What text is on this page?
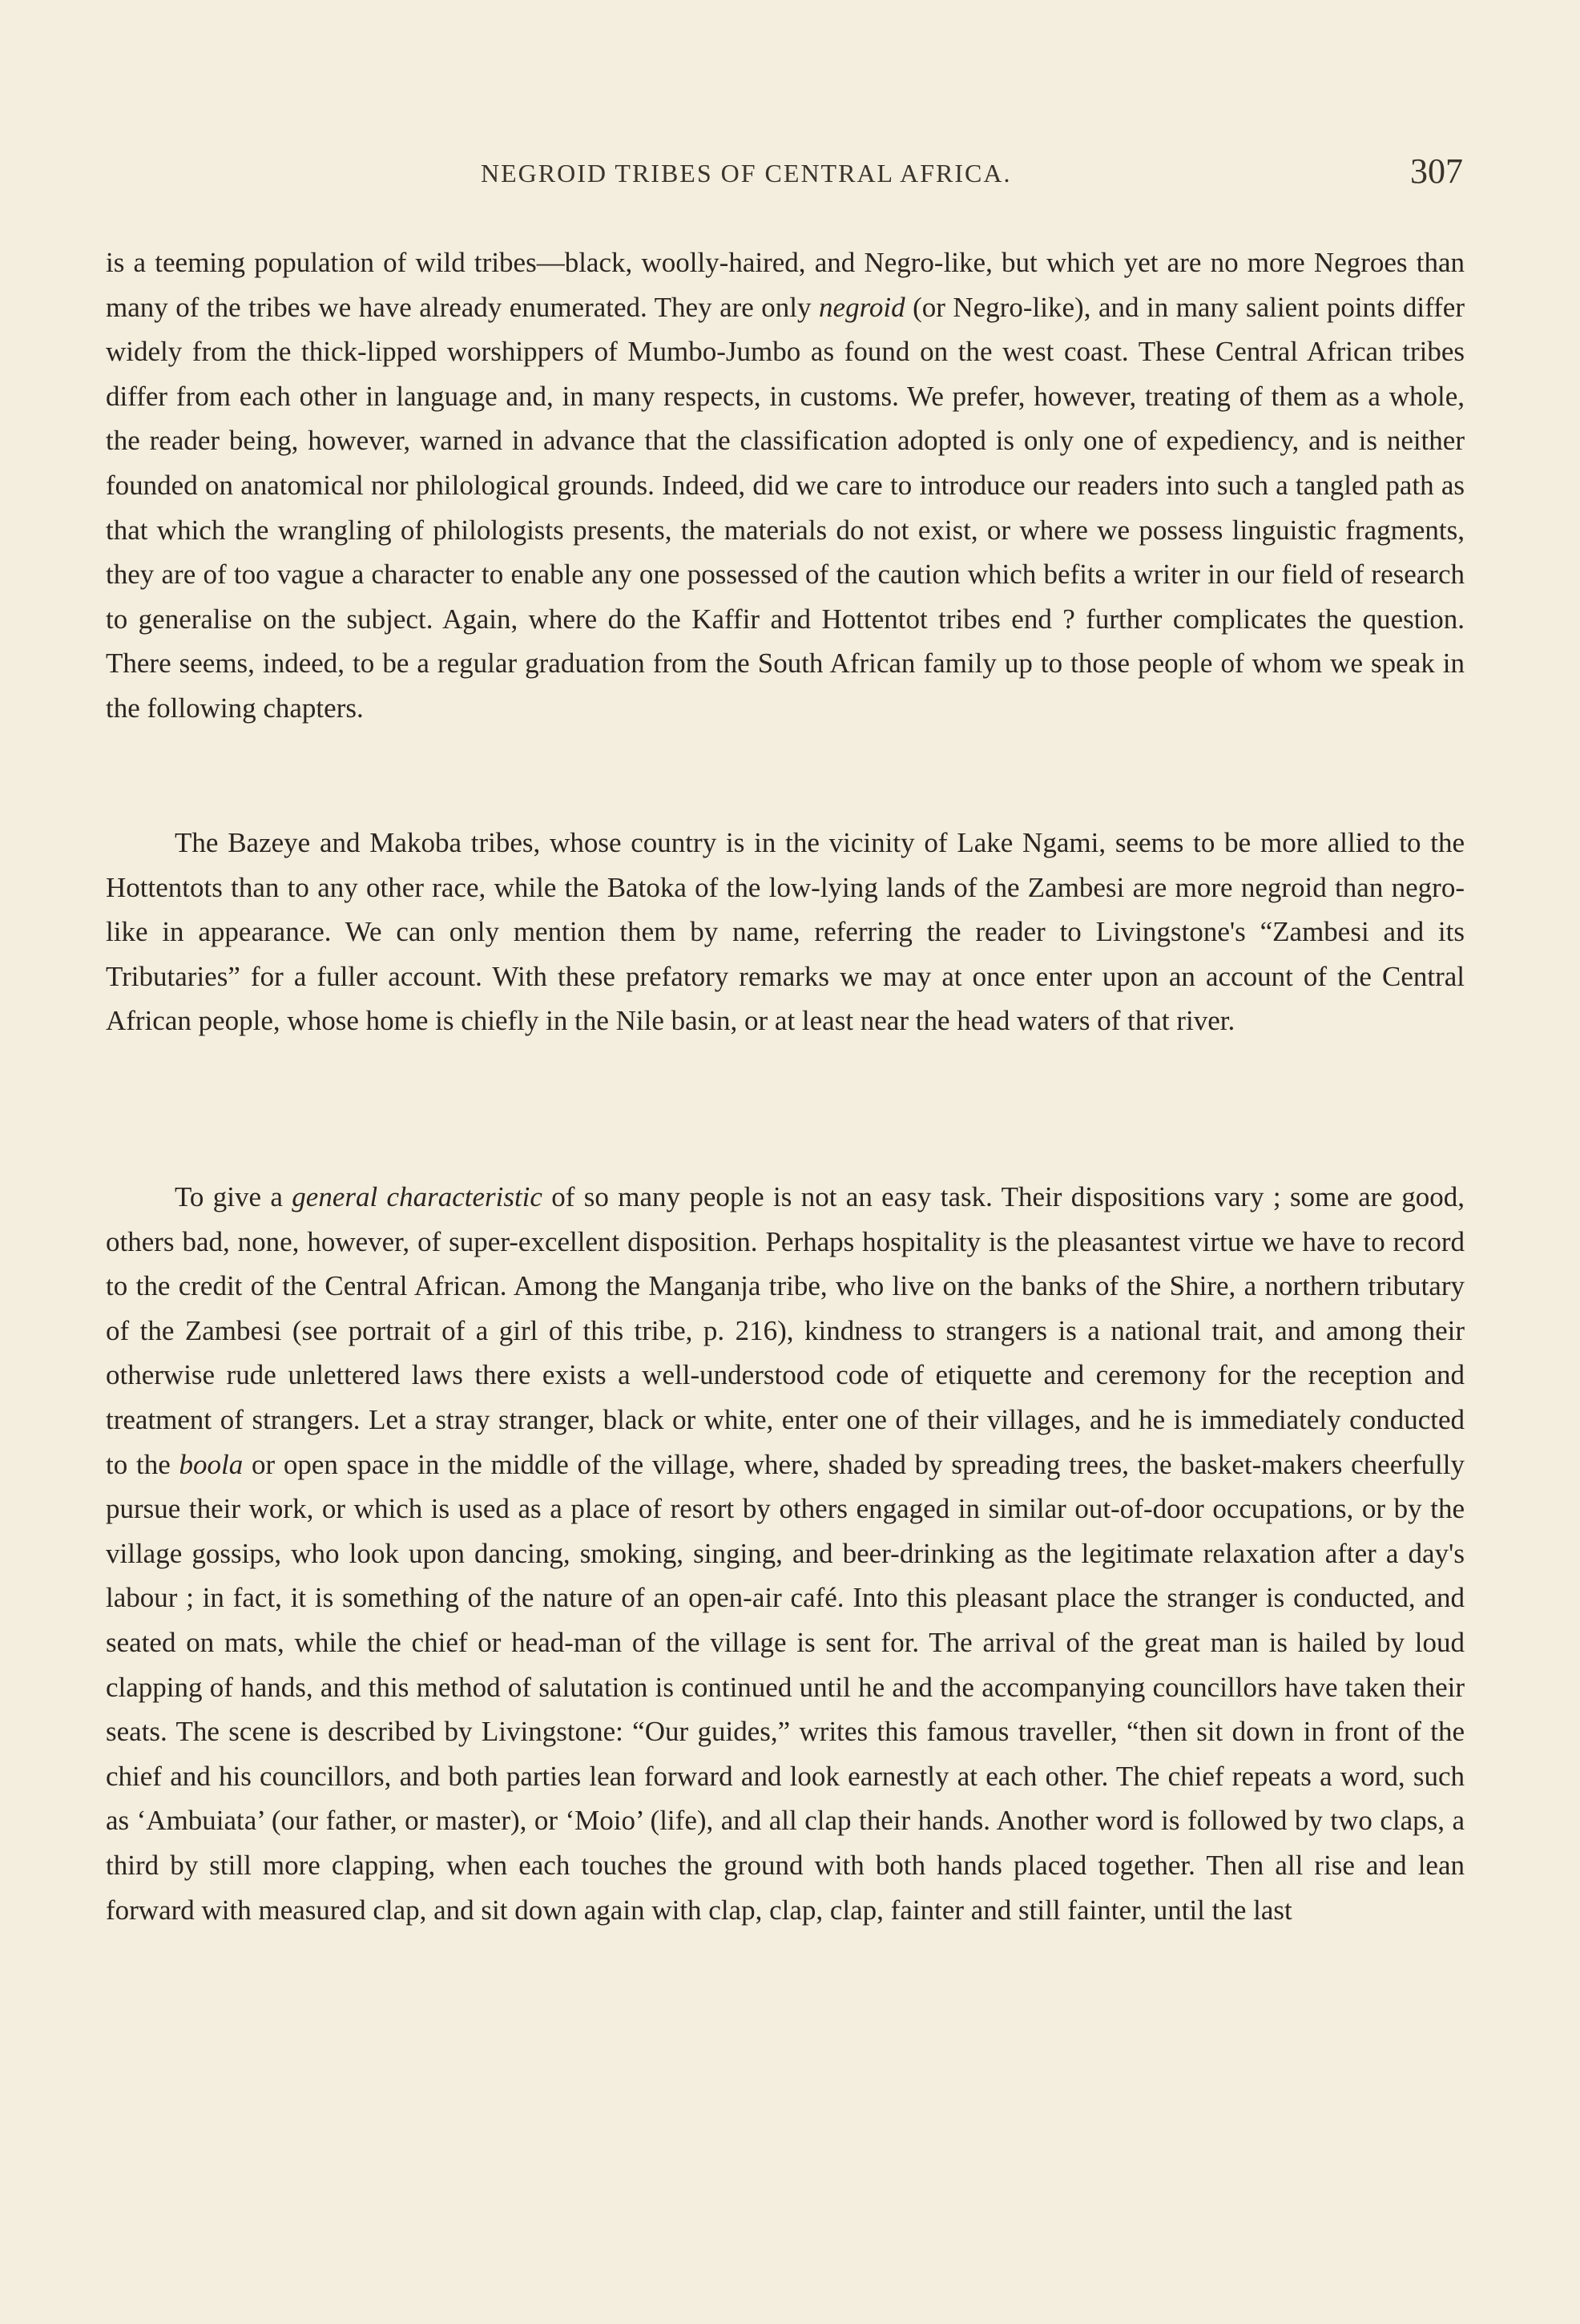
NEGROID TRIBES OF CENTRAL AFRICA.	307

is a teeming population of wild tribes—black, woolly-haired, and Negro-like, but which yet are no more Negroes than many of the tribes we have already enumerated. They are only negroid (or Negro-like), and in many salient points differ widely from the thick-lipped worshippers of Mumbo-Jumbo as found on the west coast. These Central African tribes differ from each other in language and, in many respects, in customs. We prefer, however, treating of them as a whole, the reader being, however, warned in advance that the classification adopted is only one of expediency, and is neither founded on anatomical nor philological grounds. Indeed, did we care to introduce our readers into such a tangled path as that which the wrangling of philologists presents, the materials do not exist, or where we possess linguistic fragments, they are of too vague a character to enable any one possessed of the caution which befits a writer in our field of research to generalise on the subject. Again, where do the Kaffir and Hottentot tribes end ? further complicates the question. There seems, indeed, to be a regular graduation from the South African family up to those people of whom we speak in the following chapters.

The Bazeye and Makoba tribes, whose country is in the vicinity of Lake Ngami, seems to be more allied to the Hottentots than to any other race, while the Batoka of the low-lying lands of the Zambesi are more negroid than negro-like in appearance. We can only mention them by name, referring the reader to Livingstone's “Zambesi and its Tributaries” for a fuller account. With these prefatory remarks we may at once enter upon an account of the Central African people, whose home is chiefly in the Nile basin, or at least near the head waters of that river.

To give a general characteristic of so many people is not an easy task. Their dispositions vary ; some are good, others bad, none, however, of super-excellent disposition. Perhaps hospitality is the pleasantest virtue we have to record to the credit of the Central African. Among the Manganja tribe, who live on the banks of the Shire, a northern tributary of the Zambesi (see portrait of a girl of this tribe, p. 216), kindness to strangers is a national trait, and among their otherwise rude unlettered laws there exists a well-understood code of etiquette and ceremony for the reception and treatment of strangers. Let a stray stranger, black or white, enter one of their villages, and he is immediately conducted to the boola or open space in the middle of the village, where, shaded by spreading trees, the basket-makers cheerfully pursue their work, or which is used as a place of resort by others engaged in similar out-of-door occupations, or by the village gossips, who look upon dancing, smoking, singing, and beer-drinking as the legitimate relaxation after a day's labour ; in fact, it is something of the nature of an open-air café. Into this pleasant place the stranger is conducted, and seated on mats, while the chief or head-man of the village is sent for. The arrival of the great man is hailed by loud clapping of hands, and this method of salutation is continued until he and the accompanying councillors have taken their seats. The scene is described by Livingstone: “Our guides,” writes this famous traveller, “then sit down in front of the chief and his councillors, and both parties lean forward and look earnestly at each other. The chief repeats a word, such as ‘Ambuiata’ (our father, or master), or ‘Moio’ (life), and all clap their hands. Another word is followed by two claps, a third by still more clapping, when each touches the ground with both hands placed together. Then all rise and lean forward with measured clap, and sit down again with clap, clap, clap, fainter and still fainter, until the last
